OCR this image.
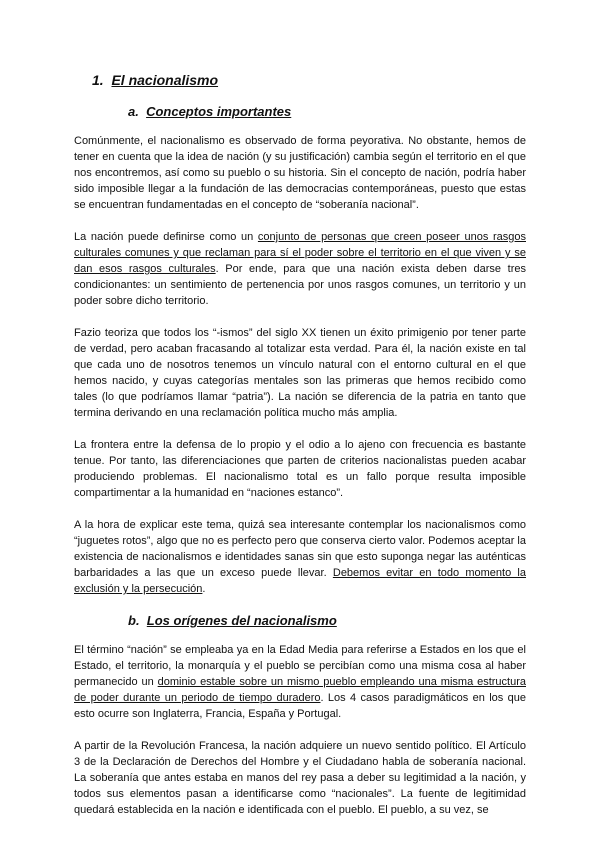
1. El nacionalismo
a. Conceptos importantes

Comúnmente, el nacionalismo es observado de forma peyorativa. No obstante, hemos de tener en cuenta que la idea de nación (y su justificación) cambia según el territorio en el que nos encontremos, así como su pueblo o su historia. Sin el concepto de nación, podría haber sido imposible llegar a la fundación de las democracias contemporáneas, puesto que estas se encuentran fundamentadas en el concepto de “soberanía nacional”.

La nación puede definirse como un conjunto de personas que creen poseer unos rasgos culturales comunes y que reclaman para sí el poder sobre el territorio en el que viven y se dan esos rasgos culturales. Por ende, para que una nación exista deben darse tres condicionantes: un sentimiento de pertenencia por unos rasgos comunes, un territorio y un poder sobre dicho territorio.

Fazio teoriza que todos los “-ismos” del siglo XX tienen un éxito primigenio por tener parte de verdad, pero acaban fracasando al totalizar esta verdad. Para él, la nación existe en tal que cada uno de nosotros tenemos un vínculo natural con el entorno cultural en el que hemos nacido, y cuyas categorías mentales son las primeras que hemos recibido como tales (lo que podríamos llamar “patria”). La nación se diferencia de la patria en tanto que termina derivando en una reclamación política mucho más amplia.

La frontera entre la defensa de lo propio y el odio a lo ajeno con frecuencia es bastante tenue. Por tanto, las diferenciaciones que parten de criterios nacionalistas pueden acabar produciendo problemas. El nacionalismo total es un fallo porque resulta imposible compartimentar a la humanidad en “naciones estanco”.

A la hora de explicar este tema, quizá sea interesante contemplar los nacionalismos como “juguetes rotos”, algo que no es perfecto pero que conserva cierto valor. Podemos aceptar la existencia de nacionalismos e identidades sanas sin que esto suponga negar las auténticas barbaridades a las que un exceso puede llevar. Debemos evitar en todo momento la exclusión y la persecución.

b. Los orígenes del nacionalismo

El término “nación” se empleaba ya en la Edad Media para referirse a Estados en los que el Estado, el territorio, la monarquía y el pueblo se percibían como una misma cosa al haber permanecido un dominio estable sobre un mismo pueblo empleando una misma estructura de poder durante un periodo de tiempo duradero. Los 4 casos paradigmáticos en los que esto ocurre son Inglaterra, Francia, España y Portugal.

A partir de la Revolución Francesa, la nación adquiere un nuevo sentido político. El Artículo 3 de la Declaración de Derechos del Hombre y el Ciudadano habla de soberanía nacional. La soberanía que antes estaba en manos del rey pasa a deber su legitimidad a la nación, y todos sus elementos pasan a identificarse como “nacionales”. La fuente de legitimidad quedará establecida en la nación e identificada con el pueblo. El pueblo, a su vez, se
